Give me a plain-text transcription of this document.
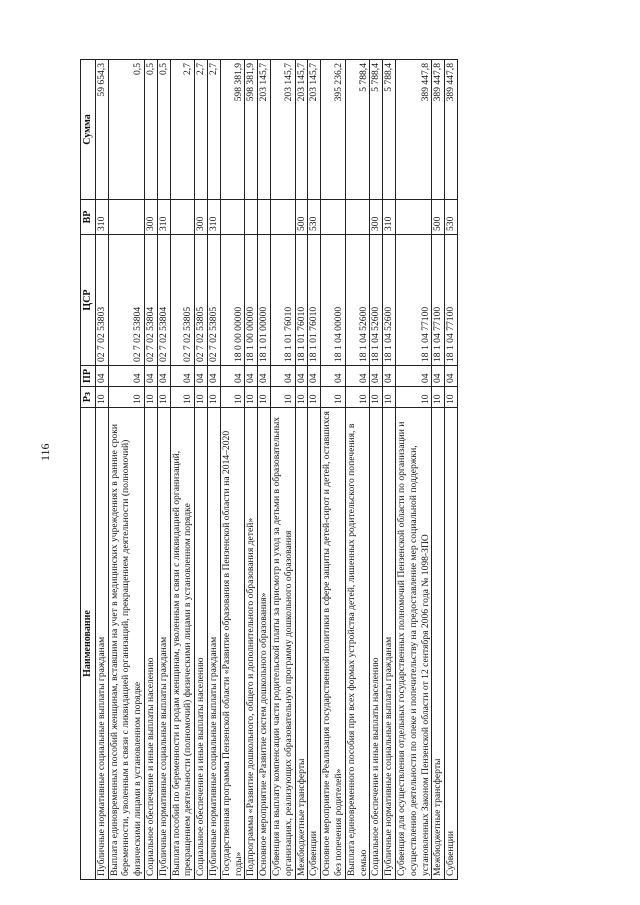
116
Наименование	Рз	ПР	ЦСР	ВР	Сумма
Публичные нормативные социальные выплаты гражданам	10	04	02 7 02 53803	310	59 654,3
Выплата единовременных пособий женщинам, вставшим на учет в медицинских учреждениях в ранние сроки беременности, уволенным в связи с ликвидацией организаций, прекращением деятельности (полномочий) физическими лицами в установленном порядке	10	04	02 7 02 53804		0,5
Социальное обеспечение и иные выплаты населению	10	04	02 7 02 53804	300	0,5
Публичные нормативные социальные выплаты гражданам	10	04	02 7 02 53804	310	0,5
Выплата пособий по беременности и родам женщинам, уволенным в связи с ликвидацией организаций, прекращением деятельности (полномочий) физическими лицами в установленном порядке	10	04	02 7 02 53805		2,7
Социальное обеспечение и иные выплаты населению	10	04	02 7 02 53805	300	2,7
Публичные нормативные социальные выплаты гражданам	10	04	02 7 02 53805	310	2,7
Государственная программа Пензенской области «Развитие образования в Пензенской области на 2014–2020 годы»	10	04	18 0 00 00000		598 381,9
Подпрограмма «Развитие дошкольного, общего и дополнительного образования детей»	10	04	18 1 00 00000		598 381,9
Основное мероприятие «Развитие систем дошкольного образования»	10	04	18 1 01 00000		203 145,7
Субвенция на выплату компенсации части родительской платы за присмотр и уход за детьми в образовательных организациях, реализующих образовательную программу дошкольного образования	10	04	18 1 01 76010		203 145,7
Межбюджетные трансферты	10	04	18 1 01 76010	500	203 145,7
Субвенции	10	04	18 1 01 76010	530	203 145,7
Основное мероприятие «Реализация государственной политики в сфере защиты детей-сирот и детей, оставшихся без попечения родителей»	10	04	18 1 04 00000		395 236,2
Выплата единовременного пособия при всех формах устройства детей, лишенных родительского попечения, в семью	10	04	18 1 04 52600		5 788,4
Социальное обеспечение и иные выплаты населению	10	04	18 1 04 52600	300	5 788,4
Публичные нормативные социальные выплаты гражданам	10	04	18 1 04 52600	310	5 788,4
Субвенция для осуществления отдельных государственных полномочий Пензенской области по организации и осуществлению деятельности по опеке и попечительству на предоставление мер социальной поддержки, установленных Законом Пензенской области от 12 сентября 2006 года № 1098-ЗПО	10	04	18 1 04 77100		389 447,8
Межбюджетные трансферты	10	04	18 1 04 77100	500	389 447,8
Субвенции	10	04	18 1 04 77100	530	389 447,8
